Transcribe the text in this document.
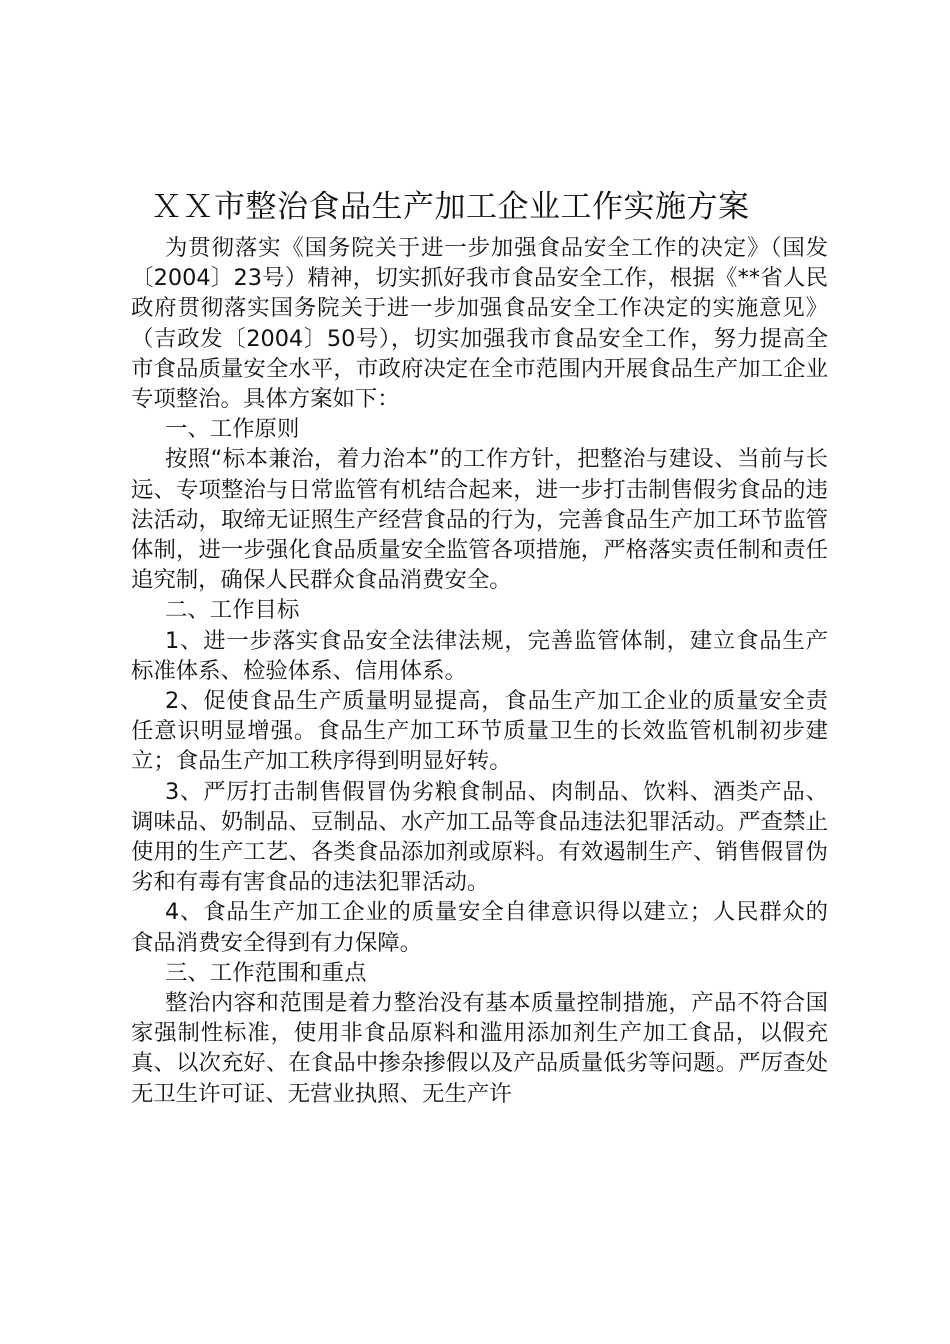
ＸＸ市整治食品生产加工企业工作实施方案

为贯彻落实《国务院关于进一步加强食品安全工作的决定》（国发〔2004〕23号）精神，切实抓好我市食品安全工作，根据《**省人民政府贯彻落实国务院关于进一步加强食品安全工作决定的实施意见》（吉政发〔2004〕50号），切实加强我市食品安全工作，努力提高全市食品质量安全水平，市政府决定在全市范围内开展食品生产加工企业专项整治。具体方案如下：

一、工作原则

按照“标本兼治，着力治本”的工作方针，把整治与建设、当前与长远、专项整治与日常监管有机结合起来，进一步打击制售假劣食品的违法活动，取缔无证照生产经营食品的行为，完善食品生产加工环节监管体制，进一步强化食品质量安全监管各项措施，严格落实责任制和责任追究制，确保人民群众食品消费安全。

二、工作目标

1、进一步落实食品安全法律法规，完善监管体制，建立食品生产标准体系、检验体系、信用体系。

2、促使食品生产质量明显提高，食品生产加工企业的质量安全责任意识明显增强。食品生产加工环节质量卫生的长效监管机制初步建立；食品生产加工秩序得到明显好转。

3、严厉打击制售假冒伪劣粮食制品、肉制品、饮料、酒类产品、调味品、奶制品、豆制品、水产加工品等食品违法犯罪活动。严查禁止使用的生产工艺、各类食品添加剂或原料。有效遏制生产、销售假冒伪劣和有毒有害食品的违法犯罪活动。

4、食品生产加工企业的质量安全自律意识得以建立；人民群众的食品消费安全得到有力保障。

三、工作范围和重点

整治内容和范围是着力整治没有基本质量控制措施，产品不符合国家强制性标准，使用非食品原料和滥用添加剂生产加工食品，以假充真、以次充好、在食品中掺杂掺假以及产品质量低劣等问题。严厉查处无卫生许可证、无营业执照、无生产许
